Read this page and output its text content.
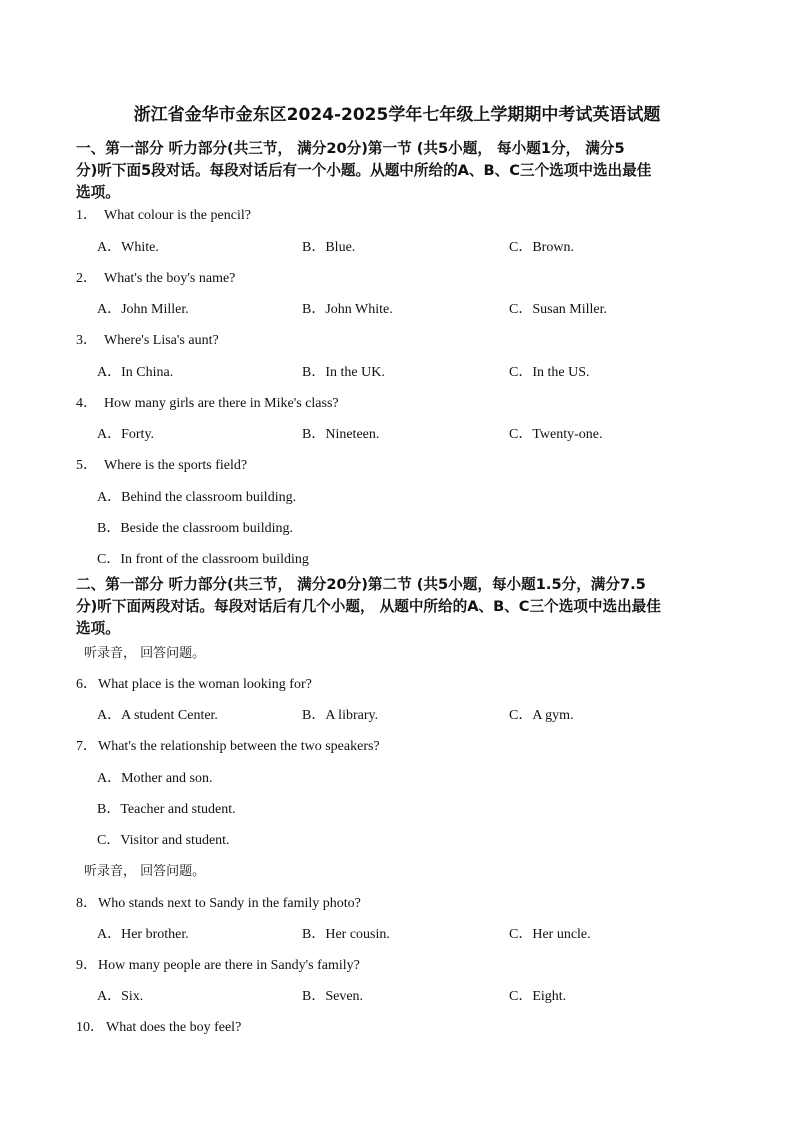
浙江省金华市金东区2024-2025学年七年级上学期期中考试英语试题
一、第一部分 听力部分(共三节， 满分20分)第一节 (共5小题， 每小题1分， 满分5
分)听下面5段对话。每段对话后有一个小题。从题中所给的A、B、C三个选项中选出最佳
选项。
1． What colour is the pencil?
A．White.	B．Blue.	C．Brown.
2． What's the boy's name?
A．John Miller.	B．John White.	C．Susan Miller.
3． Where's Lisa's aunt?
A．In China.	B．In the UK.	C．In the US.
4． How many girls are there in Mike's class?
A．Forty.	B．Nineteen.	C．Twenty-one.
5． Where is the sports field?
A．Behind the classroom building.
B．Beside the classroom building.
C．In front of the classroom building
二、第一部分 听力部分(共三节， 满分20分)第二节 (共5小题，每小题1.5分，满分7.5
分)听下面两段对话。每段对话后有几个小题， 从题中所给的A、B、C三个选项中选出最佳
选项。
听录音， 回答问题。
6．What place is the woman looking for?
A．A student Center.	B．A library.	C．A gym.
7．What's the relationship between the two speakers?
A．Mother and son.
B．Teacher and student.
C．Visitor and student.
听录音， 回答问题。
8．Who stands next to Sandy in the family photo?
A．Her brother.	B．Her cousin.	C．Her uncle.
9．How many people are there in Sandy's family?
A．Six.	B．Seven.	C．Eight.
10． What does the boy feel?
